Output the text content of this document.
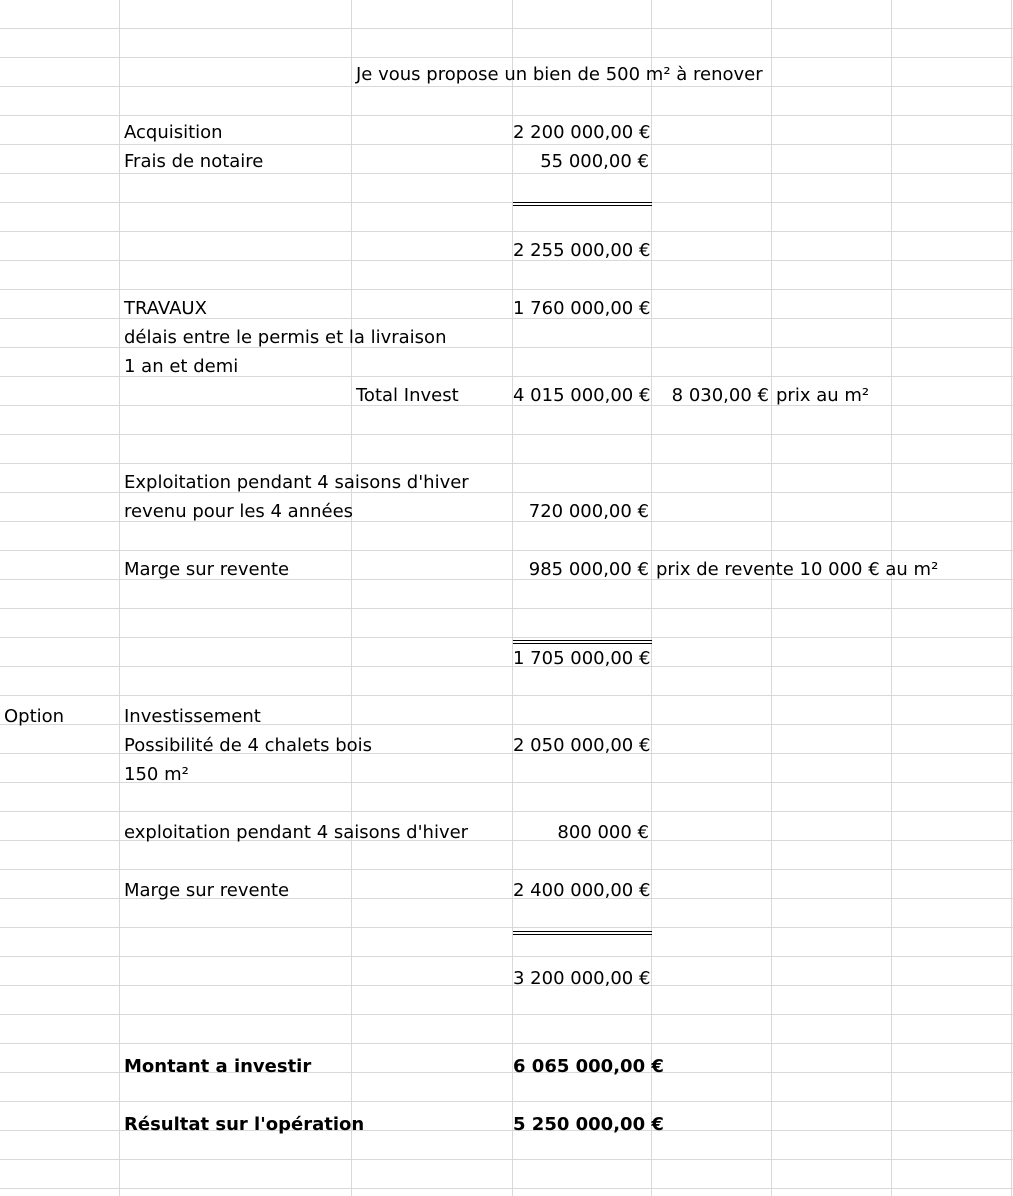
Je vous propose un bien de 500 m² à renover
Acquisition	2 200 000,00 €
Frais de notaire	55 000,00 €
2 255 000,00 €
TRAVAUX	1 760 000,00 €
délais entre le permis et la livraison
1 an et demi
Total Invest	4 015 000,00 €	8 030,00 € prix au m²
Exploitation pendant 4 saisons d'hiver
revenu pour les 4 années	720 000,00 €
Marge sur revente	985 000,00 € prix de revente 10 000 € au m²
1 705 000,00 €
Option	Investissement
Possibilité de 4 chalets bois	2 050 000,00 €
150 m²
exploitation pendant 4 saisons d'hiver	800 000 €
Marge sur revente	2 400 000,00 €
3 200 000,00 €
Montant a investir	6 065 000,00 €
Résultat sur l'opération	5 250 000,00 €
